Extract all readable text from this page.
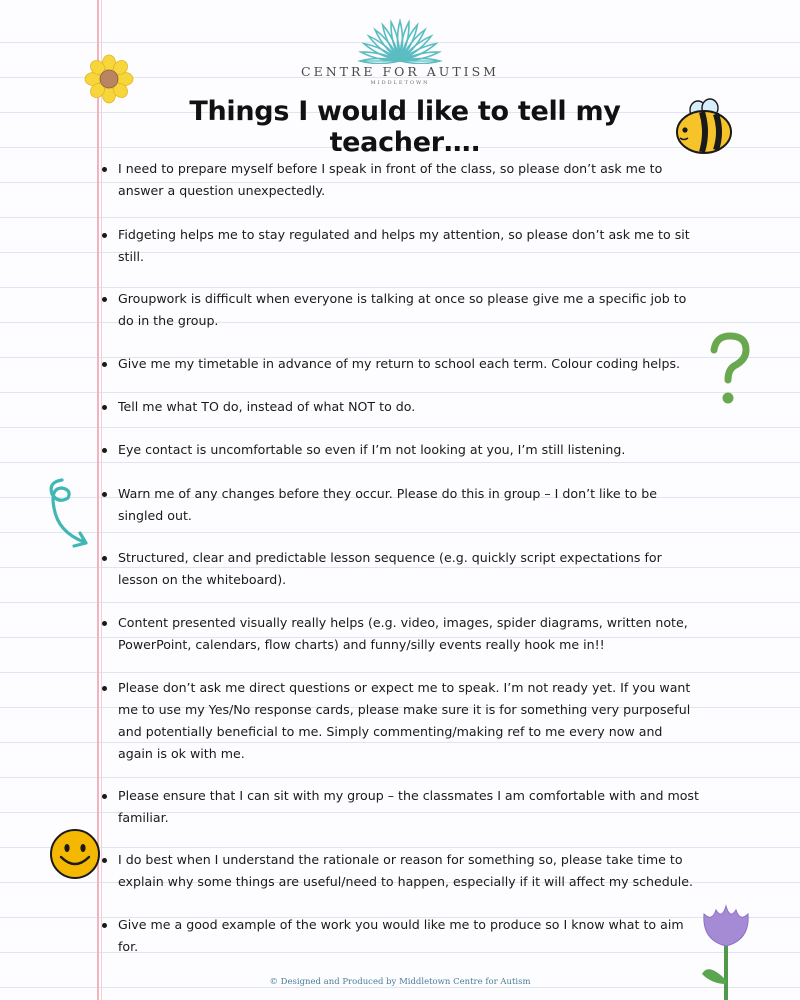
CENTRE FOR AUTISM
MIDDLETOWN
Things I would like to tell my teacher….
I need to prepare myself before I speak in front of the class, so please don’t ask me to answer a question unexpectedly.
Fidgeting helps me to stay regulated and helps my attention, so please don’t ask me to sit still.
Groupwork is difficult when everyone is talking at once so please give me a specific job to do in the group.
Give me my timetable in advance of my return to school each term. Colour coding helps.
Tell me what TO do, instead of what NOT to do.
Eye contact is uncomfortable so even if I’m not looking at you, I’m still listening.
Warn me of any changes before they occur. Please do this in group – I don’t like to be singled out.
Structured, clear and predictable lesson sequence (e.g. quickly script expectations for lesson on the whiteboard).
Content presented visually really helps (e.g. video, images, spider diagrams, written note, PowerPoint, calendars, flow charts) and funny/silly events really hook me in!!
Please don’t ask me direct questions or expect me to speak. I’m not ready yet. If you want me to use my Yes/No response cards, please make sure it is for something very purposeful and potentially beneficial to me. Simply commenting/making ref to me every now and again is ok with me.
Please ensure that I can sit with my group – the classmates I am comfortable with and most familiar.
I do best when I understand the rationale or reason for something so, please take time to explain why some things are useful/need to happen, especially if it will affect my schedule.
Give me a good example of the work you would like me to produce so I know what to aim for.
© Designed and Produced by Middletown Centre for Autism
